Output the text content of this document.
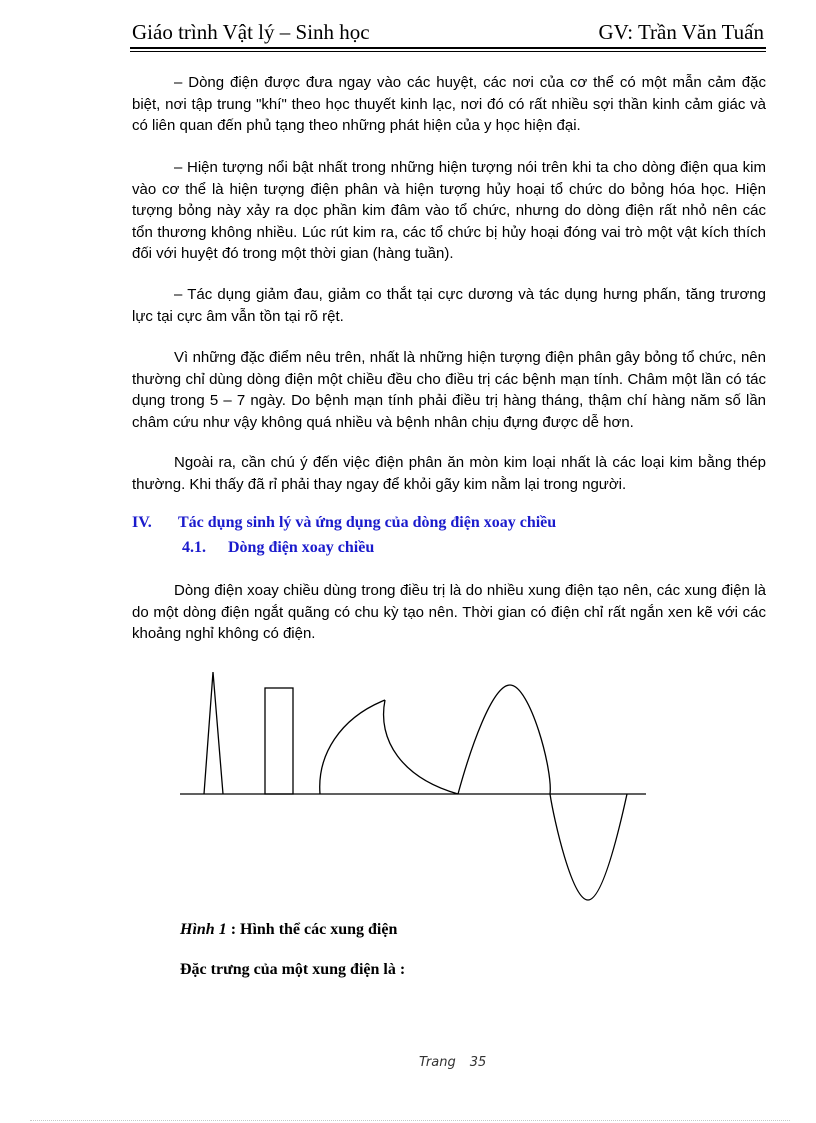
Giáo trình Vật lý – Sinh học	GV: Trần Văn Tuấn

– Dòng điện được đưa ngay vào các huyệt, các nơi của cơ thể có một mẫn cảm đặc biệt, nơi tập trung "khí" theo học thuyết kinh lạc, nơi đó có rất nhiều sợi thần kinh cảm giác và có liên quan đến phủ tạng theo những phát hiện của y học hiện đại.

– Hiện tượng nổi bật nhất trong những hiện tượng nói trên khi ta cho dòng điện qua kim vào cơ thể là hiện tượng điện phân và hiện tượng hủy hoại tổ chức do bỏng hóa học. Hiện tượng bỏng này xảy ra dọc phần kim đâm vào tổ chức, nhưng do dòng điện rất nhỏ nên các tổn thương không nhiều. Lúc rút kim ra, các tổ chức bị hủy hoại đóng vai trò một vật kích thích đối với huyệt đó trong một thời gian (hàng tuần).

– Tác dụng giảm đau, giảm co thắt tại cực dương và tác dụng hưng phấn, tăng trương lực tại cực âm vẫn tồn tại rõ rệt.

Vì những đặc điểm nêu trên, nhất là những hiện tượng điện phân gây bỏng tổ chức, nên thường chỉ dùng dòng điện một chiều đều cho điều trị các bệnh mạn tính. Châm một lần có tác dụng trong 5 – 7 ngày. Do bệnh mạn tính phải điều trị hàng tháng, thậm chí hàng năm số lần châm cứu như vậy không quá nhiều và bệnh nhân chịu đựng được dễ hơn.

Ngoài ra, cần chú ý đến việc điện phân ăn mòn kim loại nhất là các loại kim bằng thép thường. Khi thấy đã rỉ phải thay ngay để khỏi gãy kim nằm lại trong người.

IV. Tác dụng sinh lý và ứng dụng của dòng điện xoay chiều
4.1. Dòng điện xoay chiều

Dòng điện xoay chiều dùng trong điều trị là do nhiều xung điện tạo nên, các xung điện là do một dòng điện ngắt quãng có chu kỳ tạo nên. Thời gian có điện chỉ rất ngắn xen kẽ với các khoảng nghỉ không có điện.

Hình 1 : Hình thể các xung điện
Đặc trưng của một xung điện là :
Trang 35
